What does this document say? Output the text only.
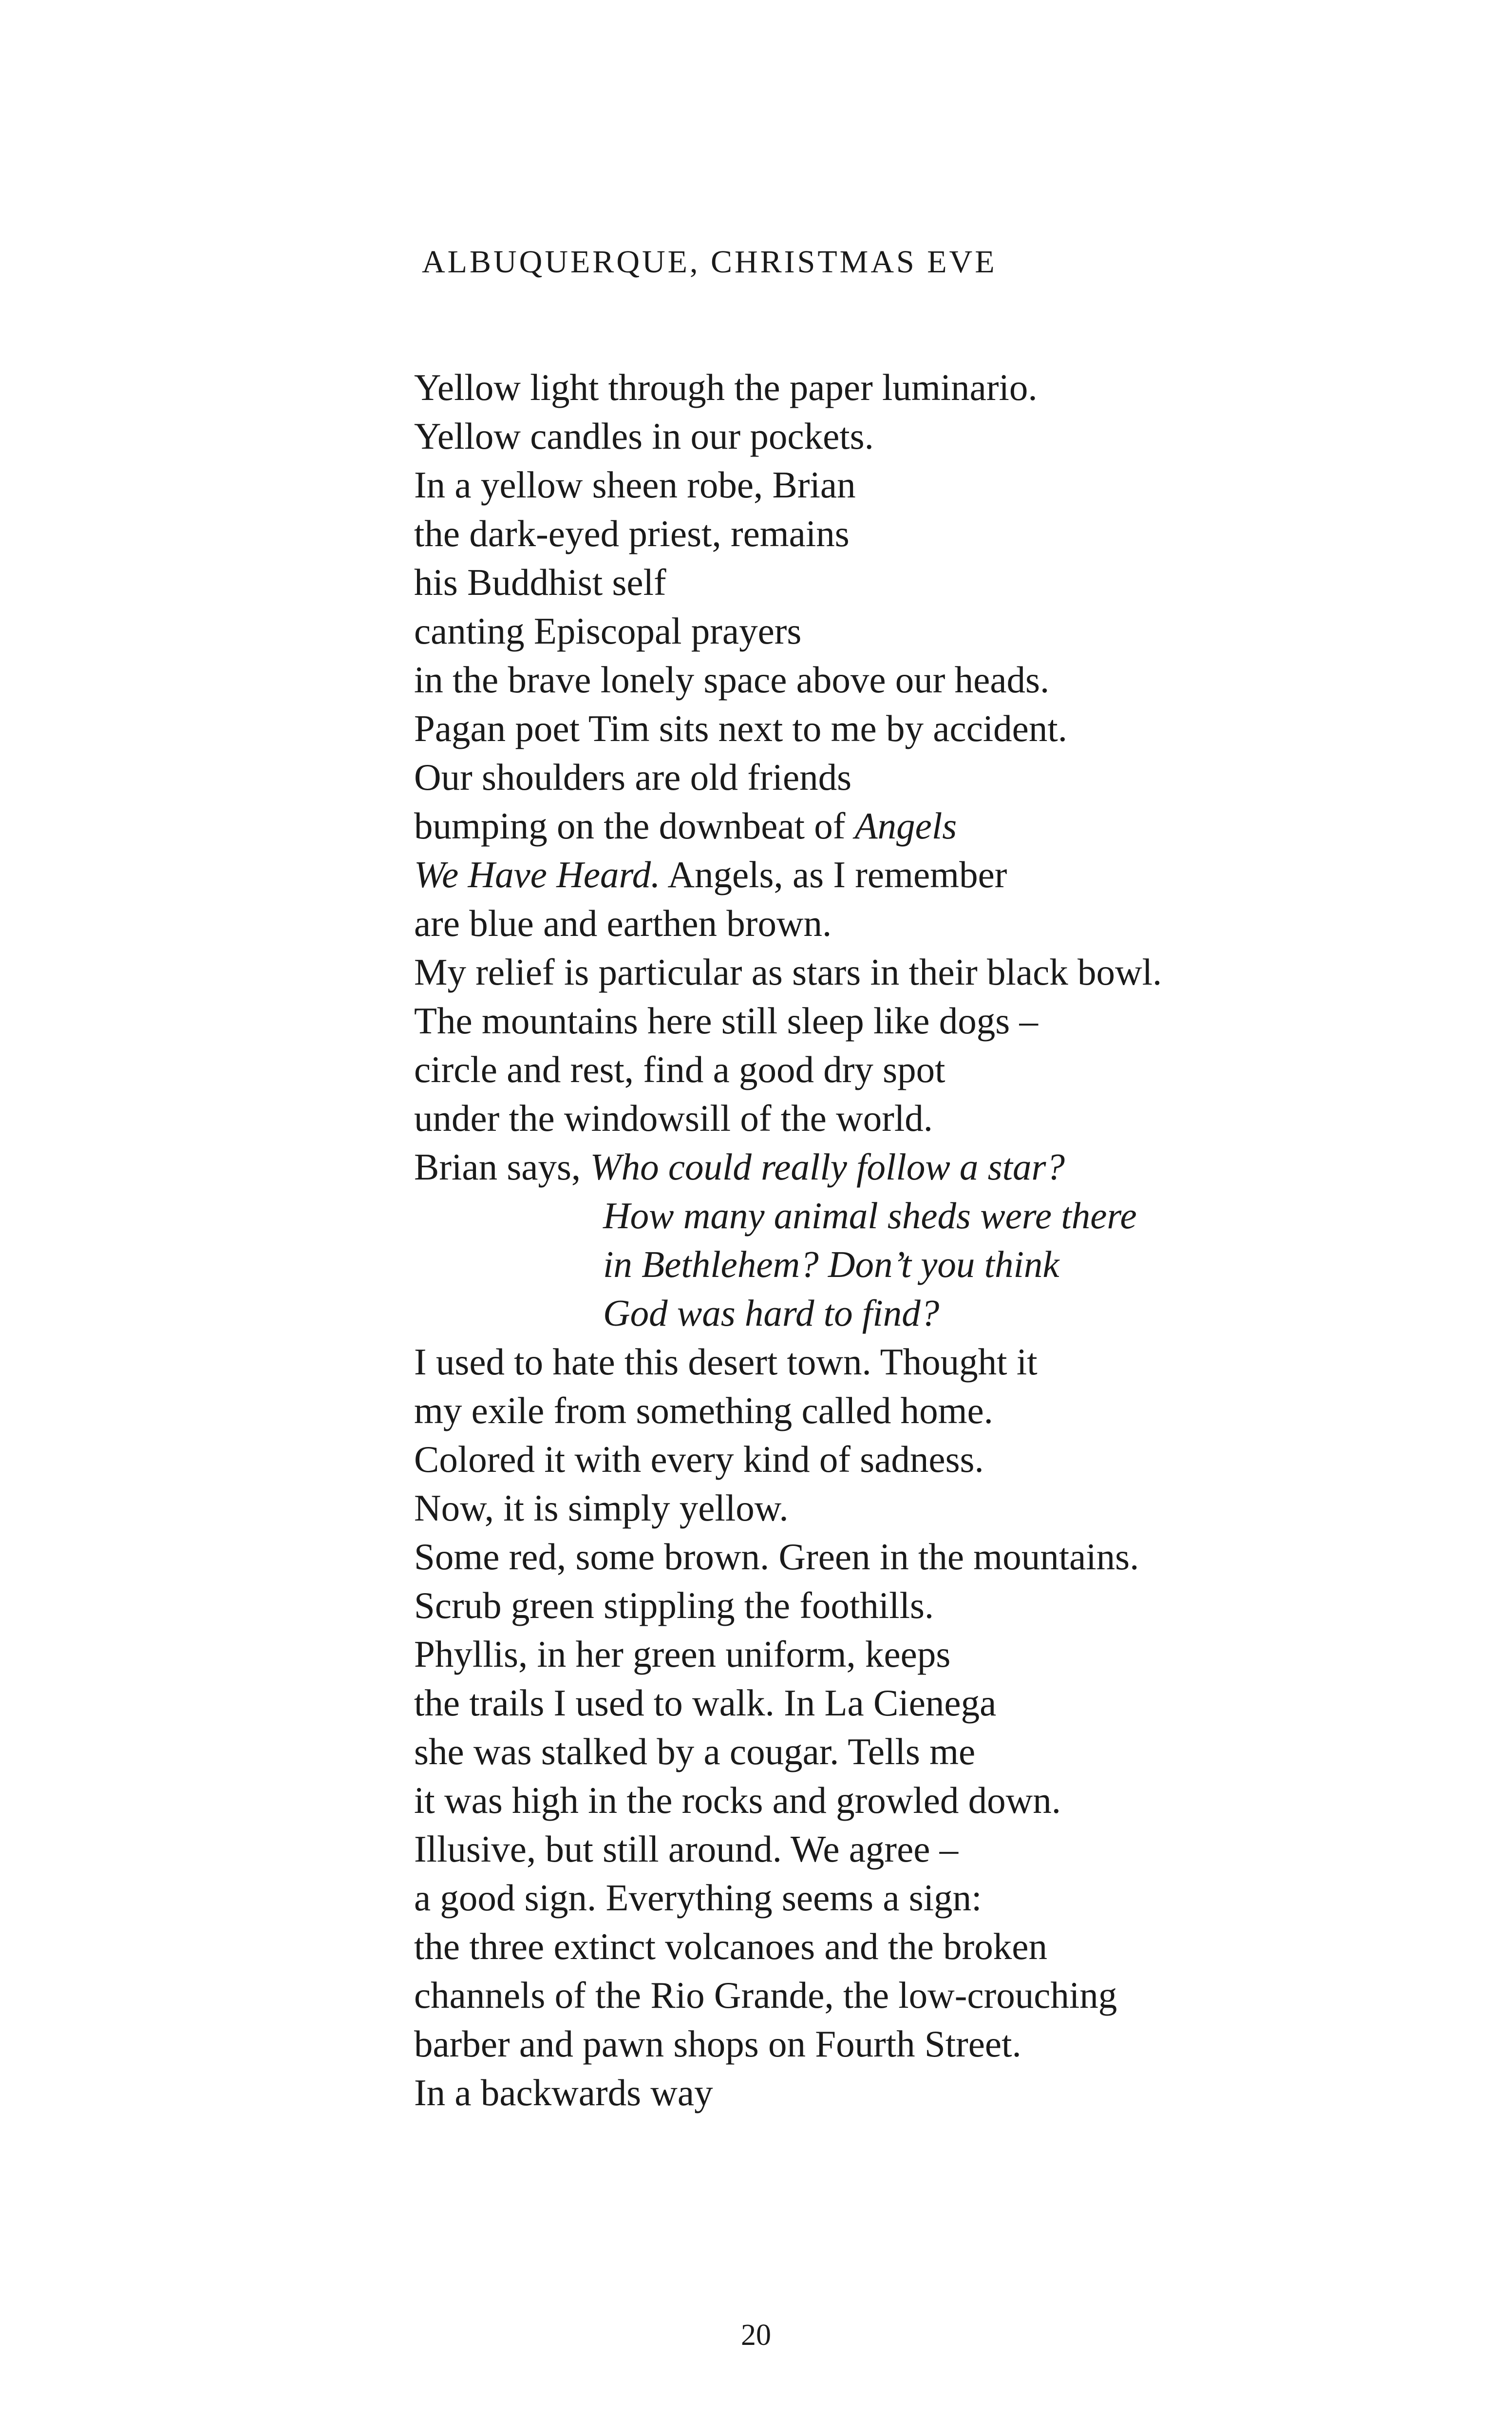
ALBUQUERQUE, CHRISTMAS EVE
Yellow light through the paper luminario.
Yellow candles in our pockets.
In a yellow sheen robe, Brian
the dark-eyed priest, remains
his Buddhist self
canting Episcopal prayers
in the brave lonely space above our heads.
Pagan poet Tim sits next to me by accident.
Our shoulders are old friends
bumping on the downbeat of Angels
We Have Heard. Angels, as I remember
are blue and earthen brown.
My relief is particular as stars in their black bowl.
The mountains here still sleep like dogs –
circle and rest, find a good dry spot
under the windowsill of the world.
Brian says, Who could really follow a star?
How many animal sheds were there
in Bethlehem? Don’t you think
God was hard to find?
I used to hate this desert town. Thought it
my exile from something called home.
Colored it with every kind of sadness.
Now, it is simply yellow.
Some red, some brown. Green in the mountains.
Scrub green stippling the foothills.
Phyllis, in her green uniform, keeps
the trails I used to walk. In La Cienega
she was stalked by a cougar. Tells me
it was high in the rocks and growled down.
Illusive, but still around. We agree –
a good sign. Everything seems a sign:
the three extinct volcanoes and the broken
channels of the Rio Grande, the low-crouching
barber and pawn shops on Fourth Street.
In a backwards way
20
